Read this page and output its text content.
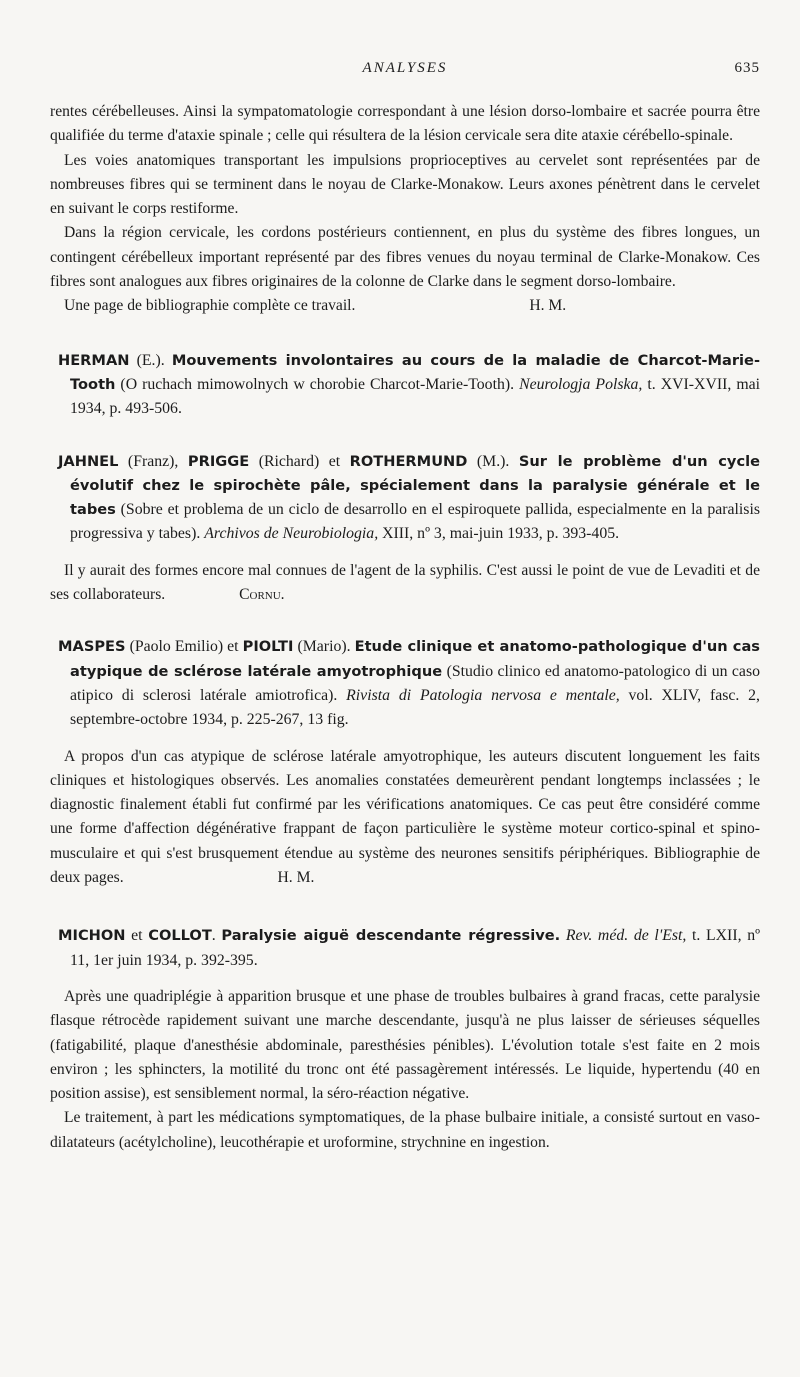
ANALYSES	635

rentes cérébelleuses. Ainsi la sympatomatologie correspondant à une lésion dorso-lombaire et sacrée pourra être qualifiée du terme d'ataxie spinale ; celle qui résultera de la lésion cervicale sera dite ataxie cérébello-spinale.

Les voies anatomiques transportant les impulsions proprioceptives au cervelet sont représentées par de nombreuses fibres qui se terminent dans le noyau de Clarke-Monakow. Leurs axones pénètrent dans le cervelet en suivant le corps restiforme.

Dans la région cervicale, les cordons postérieurs contiennent, en plus du système des fibres longues, un contingent cérébelleux important représenté par des fibres venues du noyau terminal de Clarke-Monakow. Ces fibres sont analogues aux fibres originaires de la colonne de Clarke dans le segment dorso-lombaire.

Une page de bibliographie complète ce travail.	H. M.

HERMAN (E.). Mouvements involontaires au cours de la maladie de Charcot-Marie-Tooth (O ruchach mimowolnych w chorobie Charcot-Marie-Tooth). Neurologja Polska, t. XVI-XVII, mai 1934, p. 493-506.
JAHNEL (Franz), PRIGGE (Richard) et ROTHERMUND (M.). Sur le problème d'un cycle évolutif chez le spirochète pâle, spécialement dans la paralysie générale et le tabes (Sobre et problema de un ciclo de desarrollo en el espiroquete pallida, especialmente en la paralisis progressiva y tabes). Archivos de Neurobiologia, XIII, nº 3, mai-juin 1933, p. 393-405.

Il y aurait des formes encore mal connues de l'agent de la syphilis. C'est aussi le point de vue de Levaditi et de ses collaborateurs.	Cornu.

MASPES (Paolo Emilio) et PIOLTI (Mario). Etude clinique et anatomo-pathologique d'un cas atypique de sclérose latérale amyotrophique (Studio clinico ed anatomo-patologico di un caso atipico di sclerosi latérale amiotrofica). Rivista di Patologia nervosa e mentale, vol. XLIV, fasc. 2, septembre-octobre 1934, p. 225-267, 13 fig.

A propos d'un cas atypique de sclérose latérale amyotrophique, les auteurs discutent longuement les faits cliniques et histologiques observés. Les anomalies constatées demeurèrent pendant longtemps inclassées ; le diagnostic finalement établi fut confirmé par les vérifications anatomiques. Ce cas peut être considéré comme une forme d'affection dégénérative frappant de façon particulière le système moteur cortico-spinal et spino-musculaire et qui s'est brusquement étendue au système des neurones sensitifs périphériques. Bibliographie de deux pages.	H. M.

MICHON et COLLOT. Paralysie aiguë descendante régressive. Rev. méd. de l'Est, t. LXII, nº 11, 1er juin 1934, p. 392-395.

Après une quadriplégie à apparition brusque et une phase de troubles bulbaires à grand fracas, cette paralysie flasque rétrocède rapidement suivant une marche descendante, jusqu'à ne plus laisser de sérieuses séquelles (fatigabilité, plaque d'anesthésie abdominale, paresthésies pénibles). L'évolution totale s'est faite en 2 mois environ ; les sphincters, la motilité du tronc ont été passagèrement intéressés. Le liquide, hypertendu (40 en position assise), est sensiblement normal, la séro-réaction négative.

Le traitement, à part les médications symptomatiques, de la phase bulbaire initiale, a consisté surtout en vaso-dilatateurs (acétylcholine), leucothérapie et uroformine, strychnine en ingestion.
